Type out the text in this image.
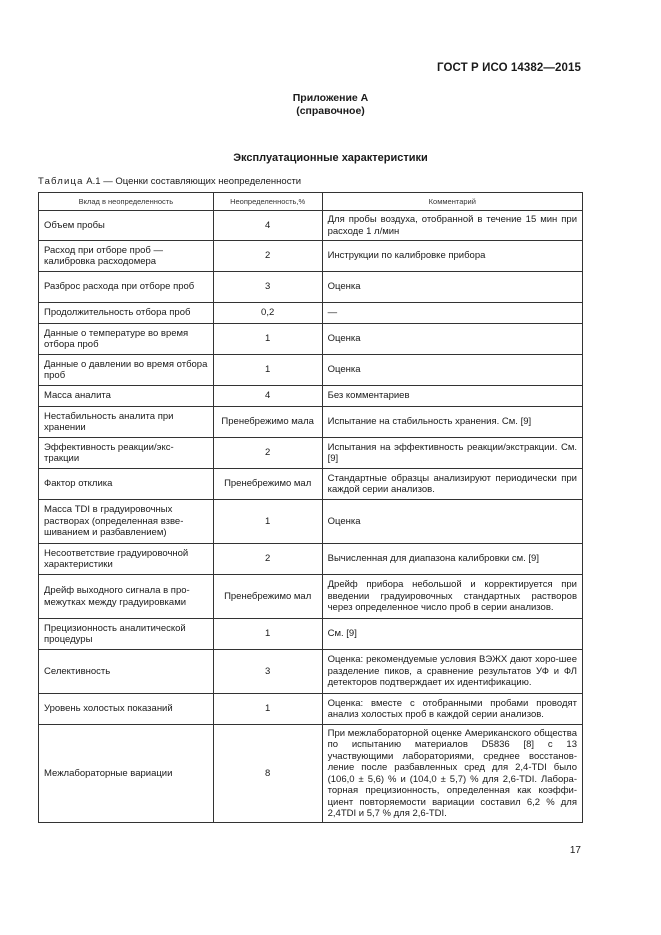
ГОСТ Р ИСО 14382—2015
Приложение А
(справочное)
Эксплуатационные характеристики
Таблица А.1 — Оценки составляющих неопределенности
Вклад в неопределенность	Неопределенность,%	Комментарий
Объем пробы	4	Для пробы воздуха, отобранной в течение 15 мин при расходе 1 л/мин
Расход при отборе проб — калибровка расходомера	2	Инструкции по калибровке прибора
Разброс расхода при отборе проб	3	Оценка
Продолжительность отбора проб	0,2	—
Данные о температуре во время отбора проб	1	Оценка
Данные о давлении во время отбора проб	1	Оценка
Масса аналита	4	Без комментариев
Нестабильность аналита при хранении	Пренебрежимо мала	Испытание на стабильность хранения. См. [9]
Эффективность реакции/экс-тракции	2	Испытания на эффективность реакции/экстракции. См. [9]
Фактор отклика	Пренебрежимо мал	Стандартные образцы анализируют периодически при каждой серии анализов.
Масса TDI в градуировочных растворах (определенная взве-шиванием и разбавлением)	1	Оценка
Несоответствие градуировочной характеристики	2	Вычисленная для диапазона калибровки см. [9]
Дрейф выходного сигнала в про-межутках между градуировками	Пренебрежимо мал	Дрейф прибора небольшой и корректируется при введении градуировочных стандартных растворов через определенное число проб в серии анализов.
Прецизионность аналитической процедуры	1	См. [9]
Селективность	3	Оценка: рекомендуемые условия ВЭЖХ дают хоро-шее разделение пиков, а сравнение результатов УФ и ФЛ детекторов подтверждает их идентификацию.
Уровень холостых показаний	1	Оценка: вместе с отобранными пробами проводят анализ холостых проб в каждой серии анализов.
Межлабораторные вариации	8	При межлабораторной оценке Американского общества по испытанию материалов D5836 [8] с 13 участвующими лабораториями, среднее восстанов-ление после разбавленных сред для 2,4-TDI было (106,0 ± 5,6) % и (104,0 ± 5,7) % для 2,6-TDI. Лабора-торная прецизионность, определенная как коэффи-циент повторяемости вариации составил 6,2 % для 2,4TDI и 5,7 % для 2,6-TDI.
17
